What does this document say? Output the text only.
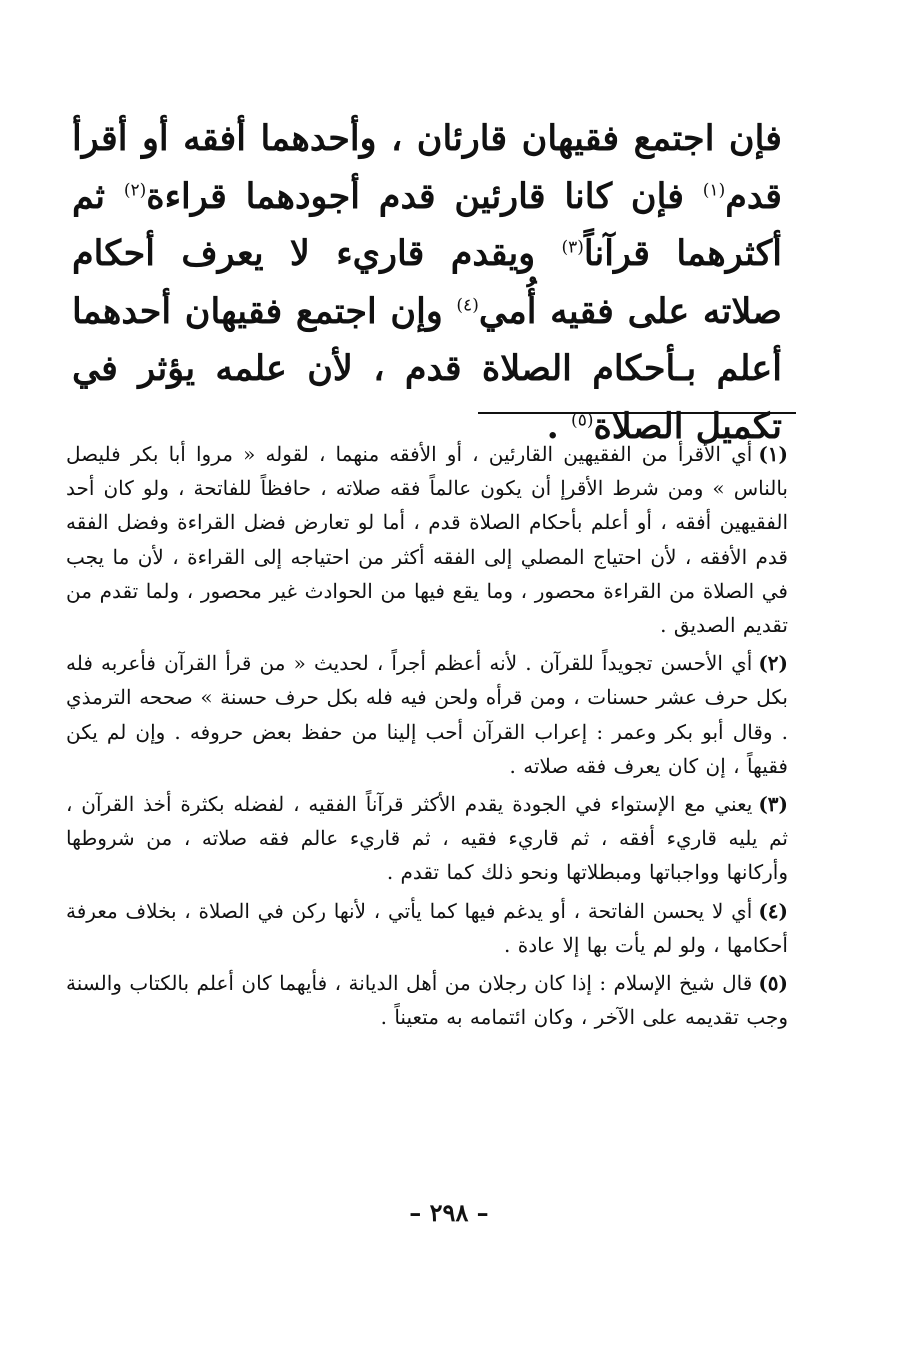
فإن اجتمع فقيهان قارئان ، وأحدهما أفقه أو أقرأ قدم$^{(١)}$ فإن كانا قارئين قدم أجودهما قراءة$^{(٢)}$ ثم أكثرهما قرآناً$^{(٣)}$ ويقدم قاريء لا يعرف أحكام صلاته على فقيه أُمي$^{(٤)}$ وإن اجتمع فقيهان أحدهما أعلم بـأحكام الصلاة قدم ، لأن علمه يؤثر في تكميل الصلاة$^{(٥)}$ .

(١)أي الأقرأ من الفقيهين القارئين ، أو الأفقه منهما ، لقوله « مروا أبا بكر فليصل بالناس » ومن شرط الأقرإ أن يكون عالماً فقه صلاته ، حافظاً للفاتحة ، ولو كان أحد الفقيهين أفقه ، أو أعلم بأحكام الصلاة قدم ، أما لو تعارض فضل القراءة وفضل الفقه قدم الأفقه ، لأن احتياج المصلي إلى الفقه أكثر من احتياجه إلى القراءة ، لأن ما يجب في الصلاة من القراءة محصور ، وما يقع فيها من الحوادث غير محصور ، ولما تقدم من تقديم الصديق .

(٢)أي الأحسن تجويداً للقرآن . لأنه أعظم أجراً ، لحديث « من قرأ القرآن فأعربه فله بكل حرف عشر حسنات ، ومن قرأه ولحن فيه فله بكل حرف حسنة » صححه الترمذي . وقال أبو بكر وعمر : إعراب القرآن أحب إلينا من حفظ بعض حروفه . وإن لم يكن فقيهاً ، إن كان يعرف فقه صلاته .

(٣)يعني مع الإستواء في الجودة يقدم الأكثر قرآناً الفقيه ، لفضله بكثرة أخذ القرآن ، ثم يليه قاريء أفقه ، ثم قاريء فقيه ، ثم قاريء عالم فقه صلاته ، من شروطها وأركانها وواجباتها ومبطلاتها ونحو ذلك كما تقدم .

(٤)أي لا يحسن الفاتحة ، أو يدغم فيها كما يأتي ، لأنها ركن في الصلاة ، بخلاف معرفة أحكامها ، ولو لم يأت بها إلا عادة .

(٥)قال شيخ الإسلام : إذا كان رجلان من أهل الديانة ، فأيهما كان أعلم بالكتاب والسنة وجب تقديمه على الآخر ، وكان ائتمامه به متعيناً .

– ٢٩٨ –
